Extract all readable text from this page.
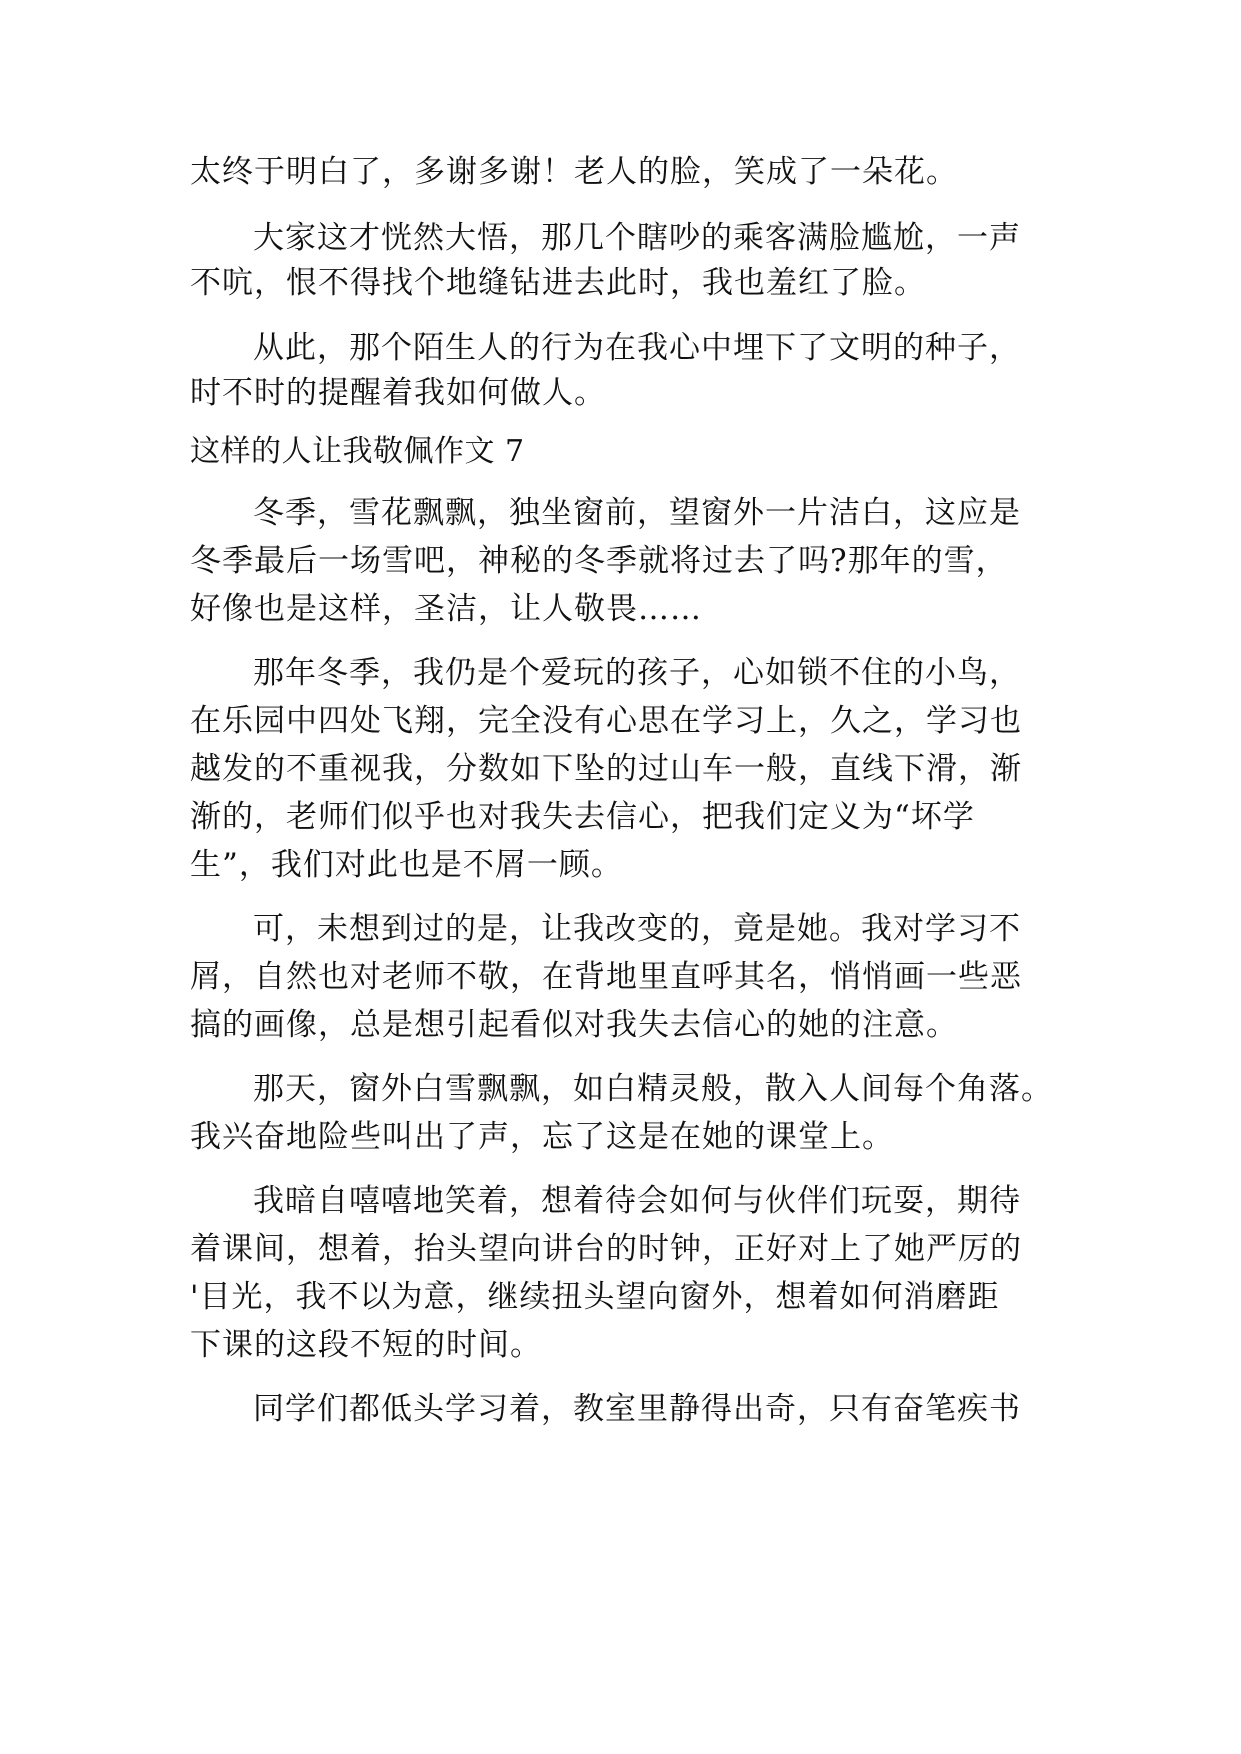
太终于明白了，多谢多谢！老人的脸，笑成了一朵花。
大家这才恍然大悟，那几个瞎吵的乘客满脸尴尬，一声
不吭，恨不得找个地缝钻进去此时，我也羞红了脸。
从此，那个陌生人的行为在我心中埋下了文明的种子，
时不时的提醒着我如何做人。
这样的人让我敬佩作文 7
冬季，雪花飘飘，独坐窗前，望窗外一片洁白，这应是
冬季最后一场雪吧，神秘的冬季就将过去了吗?那年的雪，
好像也是这样，圣洁，让人敬畏……
那年冬季，我仍是个爱玩的孩子，心如锁不住的小鸟，
在乐园中四处飞翔，完全没有心思在学习上，久之，学习也
越发的不重视我，分数如下坠的过山车一般，直线下滑，渐
渐的，老师们似乎也对我失去信心，把我们定义为“坏学
生”，我们对此也是不屑一顾。
可，未想到过的是，让我改变的，竟是她。我对学习不
屑，自然也对老师不敬，在背地里直呼其名，悄悄画一些恶
搞的画像，总是想引起看似对我失去信心的她的注意。
那天，窗外白雪飘飘，如白精灵般，散入人间每个角落。
我兴奋地险些叫出了声，忘了这是在她的课堂上。
我暗自嘻嘻地笑着，想着待会如何与伙伴们玩耍，期待
着课间，想着，抬头望向讲台的时钟，正好对上了她严厉的
'目光，我不以为意，继续扭头望向窗外，想着如何消磨距
下课的这段不短的时间。
同学们都低头学习着，教室里静得出奇，只有奋笔疾书
